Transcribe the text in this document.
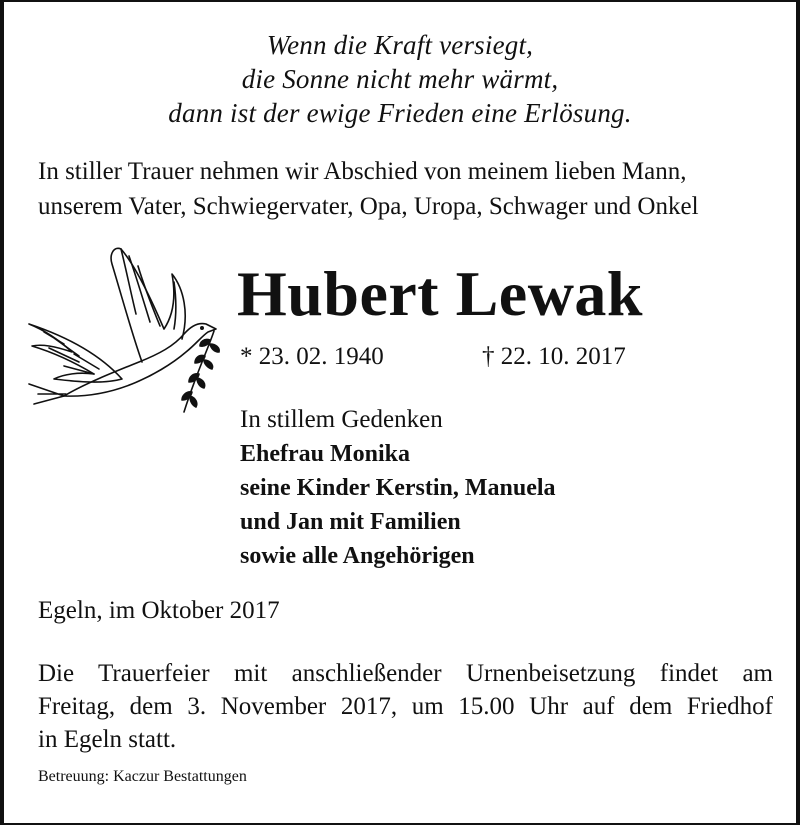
Wenn die Kraft versiegt,
die Sonne nicht mehr wärmt,
dann ist der ewige Frieden eine Erlösung.
In stiller Trauer nehmen wir Abschied von meinem lieben Mann,
unserem Vater, Schwiegervater, Opa, Uropa, Schwager und Onkel
Hubert Lewak
* 23. 02. 1940	† 22. 10. 2017
In stillem Gedenken
Ehefrau Monika
seine Kinder Kerstin, Manuela
und Jan mit Familien
sowie alle Angehörigen
Egeln, im Oktober 2017
Die Trauerfeier mit anschließender Urnenbeisetzung findet am
Freitag, dem 3. November 2017, um 15.00 Uhr auf dem Friedhof
in Egeln statt.
Betreuung: Kaczur Bestattungen
